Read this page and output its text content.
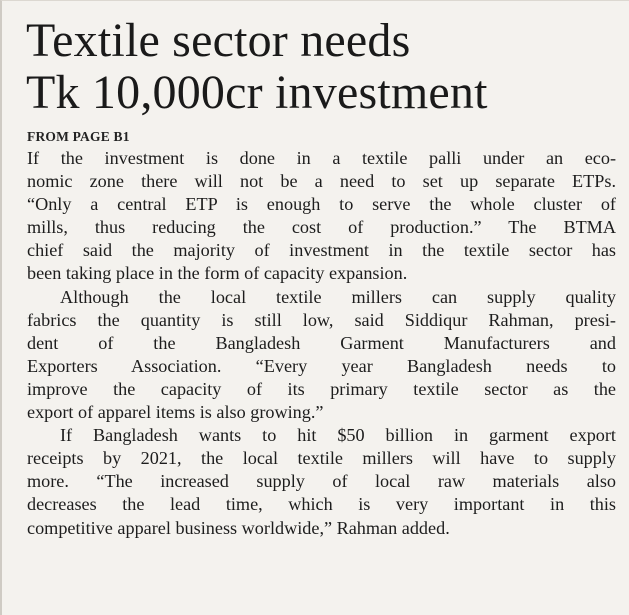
Textile sector needs
Tk 10,000cr investment

FROM PAGE B1

If the investment is done in a textile palli under an eco-
nomic zone there will not be a need to set up separate ETPs.
“Only a central ETP is enough to serve the whole cluster of
mills, thus reducing the cost of production.” The BTMA
chief said the majority of investment in the textile sector has
been taking place in the form of capacity expansion.
Although the local textile millers can supply quality
fabrics the quantity is still low, said Siddiqur Rahman, presi-
dent of the Bangladesh Garment Manufacturers and
Exporters Association. “Every year Bangladesh needs to
improve the capacity of its primary textile sector as the
export of apparel items is also growing.”
If Bangladesh wants to hit $50 billion in garment export
receipts by 2021, the local textile millers will have to supply
more. “The increased supply of local raw materials also
decreases the lead time, which is very important in this
competitive apparel business worldwide,” Rahman added.
